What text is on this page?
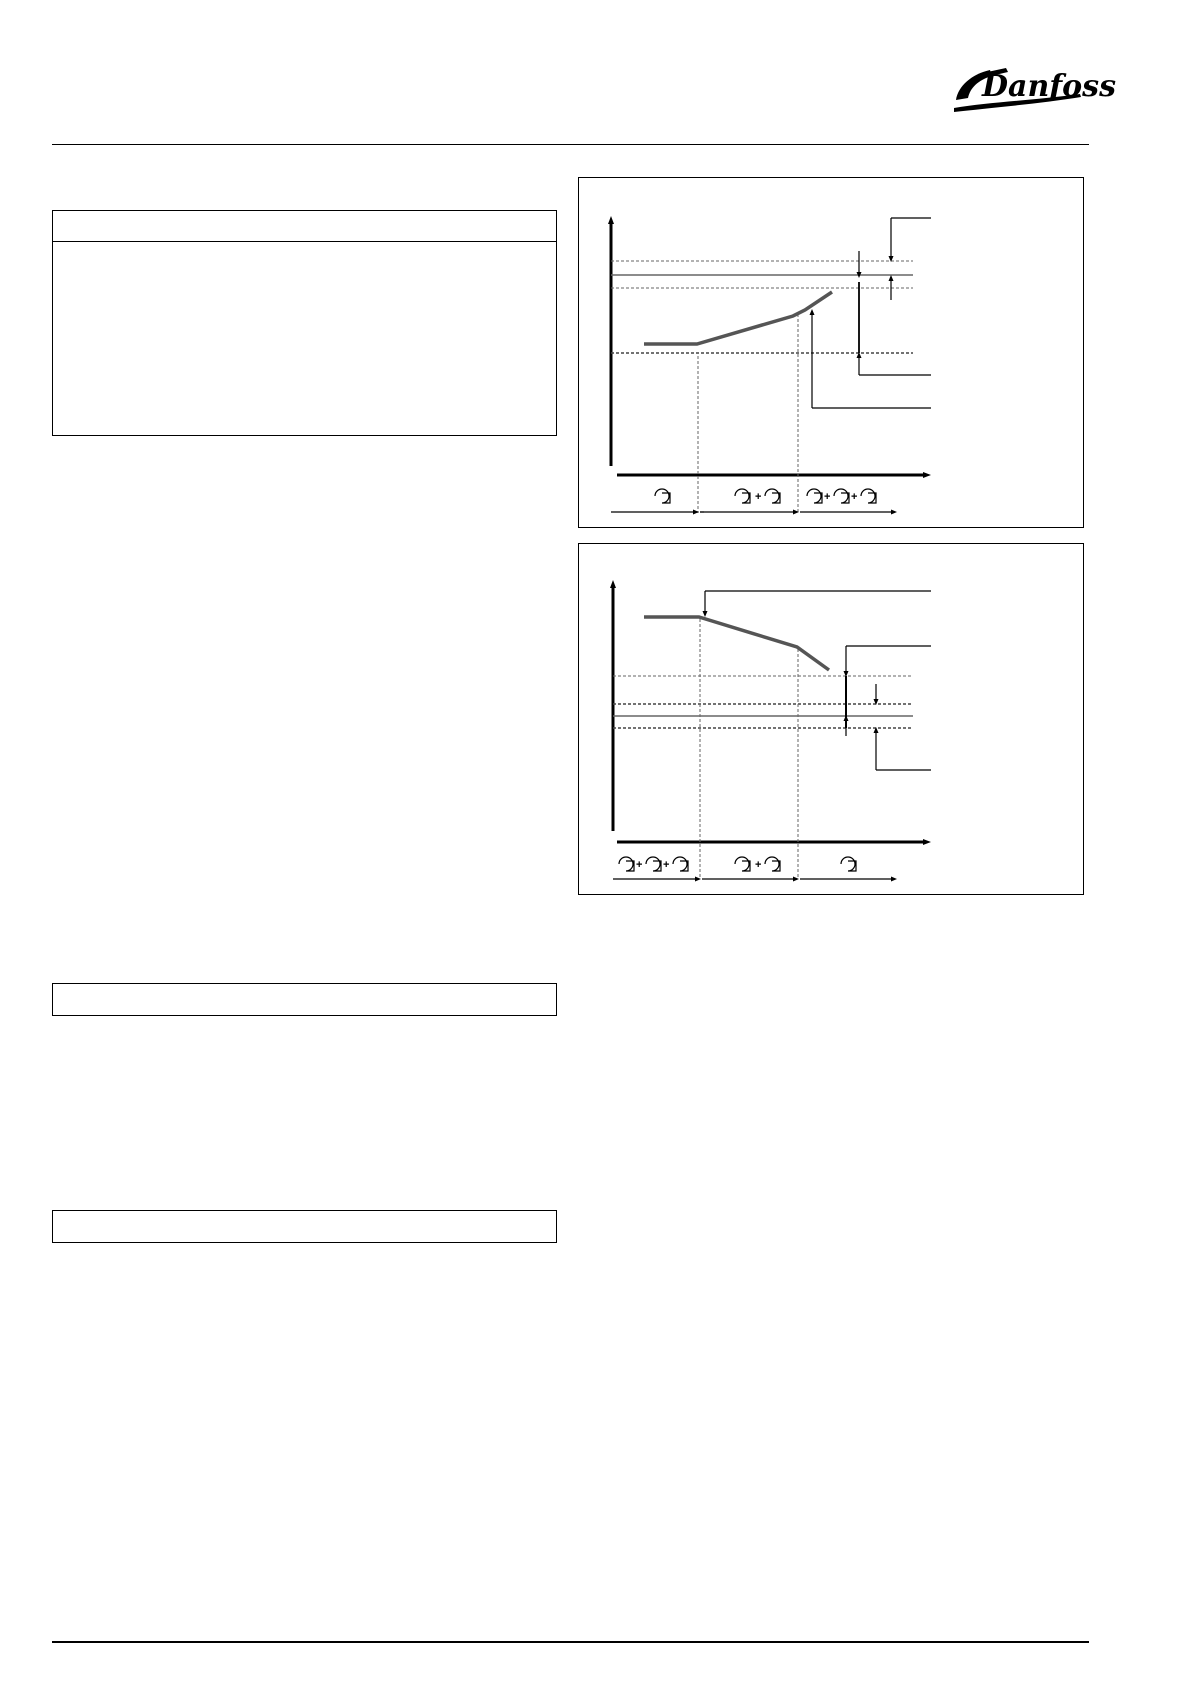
Danfoss
+	+ +
+ +	+
